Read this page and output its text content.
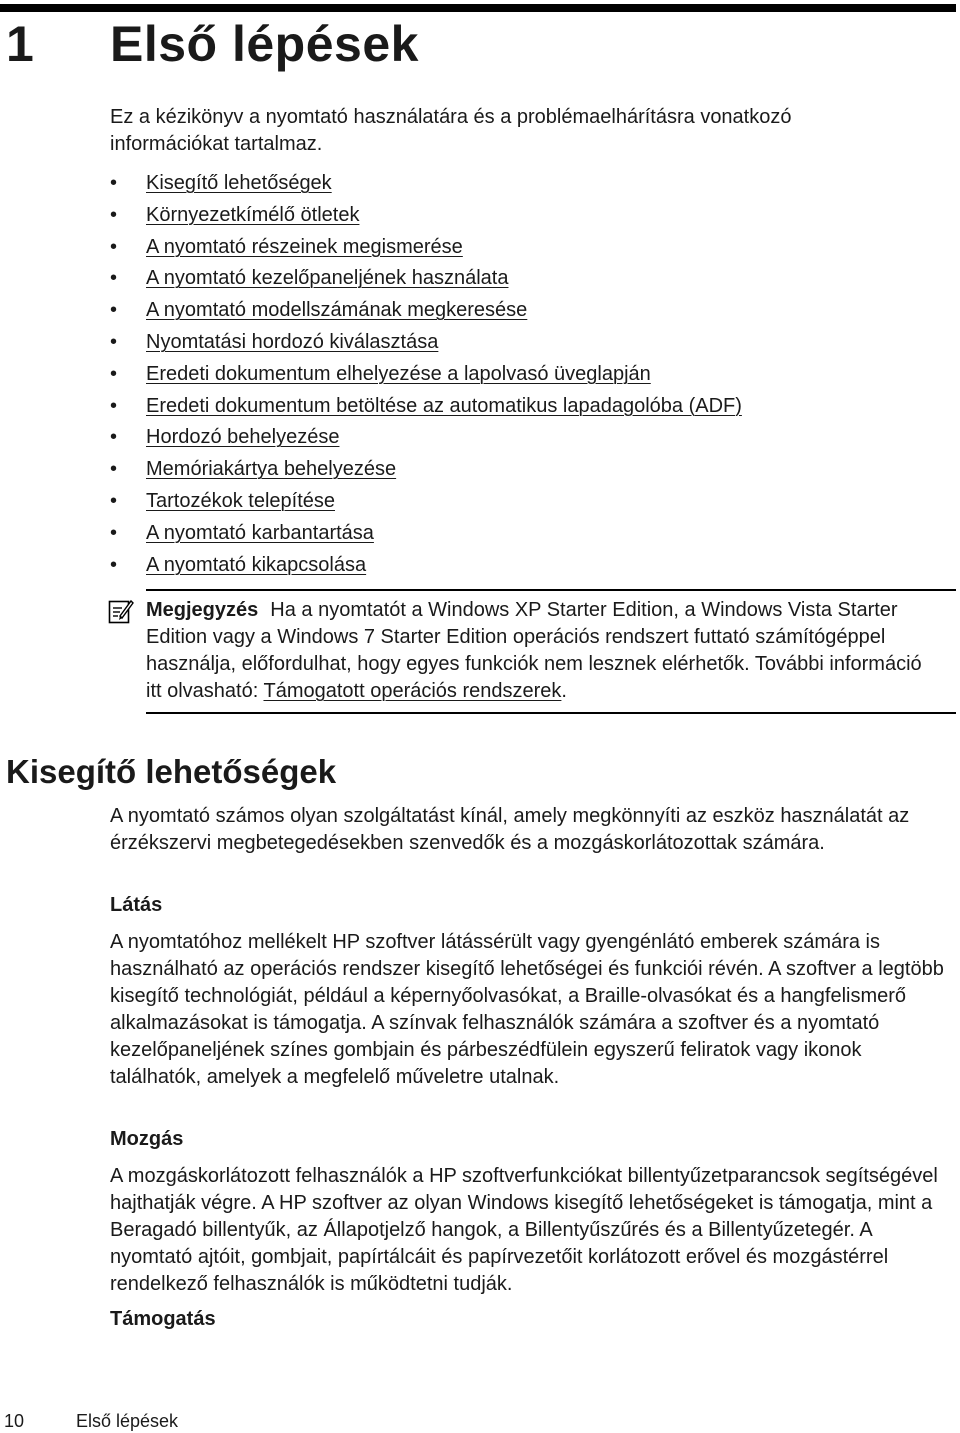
1 Első lépések

Ez a kézikönyv a nyomtató használatára és a problémaelhárításra vonatkozó információkat tartalmaz.

• Kisegítő lehetőségek
• Környezetkímélő ötletek
• A nyomtató részeinek megismerése
• A nyomtató kezelőpaneljének használata
• A nyomtató modellszámának megkeresése
• Nyomtatási hordozó kiválasztása
• Eredeti dokumentum elhelyezése a lapolvasó üveglapján
• Eredeti dokumentum betöltése az automatikus lapadagolóba (ADF)
• Hordozó behelyezése
• Memóriakártya behelyezése
• Tartozékok telepítése
• A nyomtató karbantartása
• A nyomtató kikapcsolása

Megjegyzés Ha a nyomtatót a Windows XP Starter Edition, a Windows Vista Starter Edition vagy a Windows 7 Starter Edition operációs rendszert futtató számítógéppel használja, előfordulhat, hogy egyes funkciók nem lesznek elérhetők. További információ itt olvasható: Támogatott operációs rendszerek.

Kisegítő lehetőségek

A nyomtató számos olyan szolgáltatást kínál, amely megkönnyíti az eszköz használatát az érzékszervi megbetegedésekben szenvedők és a mozgáskorlátozottak számára.

Látás

A nyomtatóhoz mellékelt HP szoftver látássérült vagy gyengénlátó emberek számára is használható az operációs rendszer kisegítő lehetőségei és funkciói révén. A szoftver a legtöbb kisegítő technológiát, például a képernyőolvasókat, a Braille-olvasókat és a hangfelismerő alkalmazásokat is támogatja. A színvak felhasználók számára a szoftver és a nyomtató kezelőpaneljének színes gombjain és párbeszédfülein egyszerű feliratok vagy ikonok találhatók, amelyek a megfelelő műveletre utalnak.

Mozgás

A mozgáskorlátozott felhasználók a HP szoftverfunkciókat billentyűzetparancsok segítségével hajthatják végre. A HP szoftver az olyan Windows kisegítő lehetőségeket is támogatja, mint a Beragadó billentyűk, az Állapotjelző hangok, a Billentyűszűrés és a Billentyűzetegér. A nyomtató ajtóit, gombjait, papírtálcáit és papírvezetőit korlátozott erővel és mozgástérrel rendelkező felhasználók is működtetni tudják.

Támogatás
10	Első lépések
